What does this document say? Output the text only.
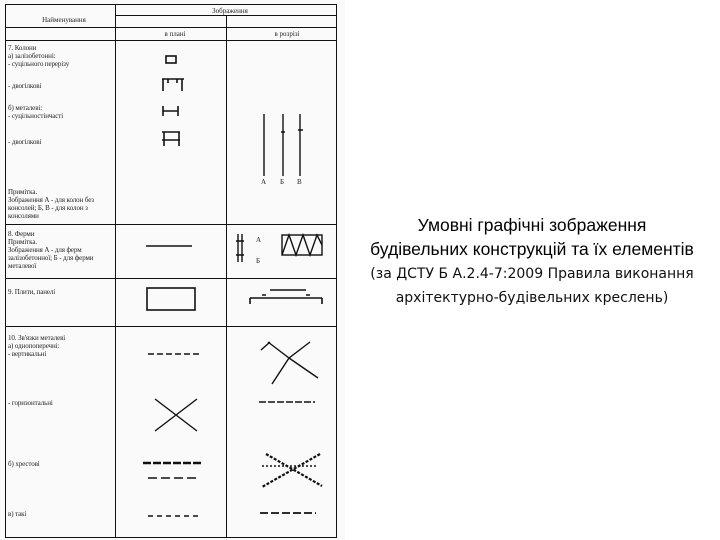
Найменування
Зображення
в плані	в розрізі
7. Колони
а) залізобетонні:
- суцільного перерізу
- двогілкові
б) металеві:
- суцільностінчасті
- двогілкові
Примітка.
Зображення А - для колон без
консолей; Б, В - для колон з консолями
8. Ферми
Примітка.
Зображення А - для ферм
залізобетонної; Б - для ферми
металевої
9. Плити, панелі
10. Зв'язки металеві
а) однопоперечні:
- вертикальні
- горизонтальні
б) хрестові
в) такі
А Б В
А
Б
Умовні графічні зображення
будівельних конструкцій та їх елементів
(за ДСТУ Б А.2.4-7:2009 Правила виконання
архітектурно-будівельних креслень)
